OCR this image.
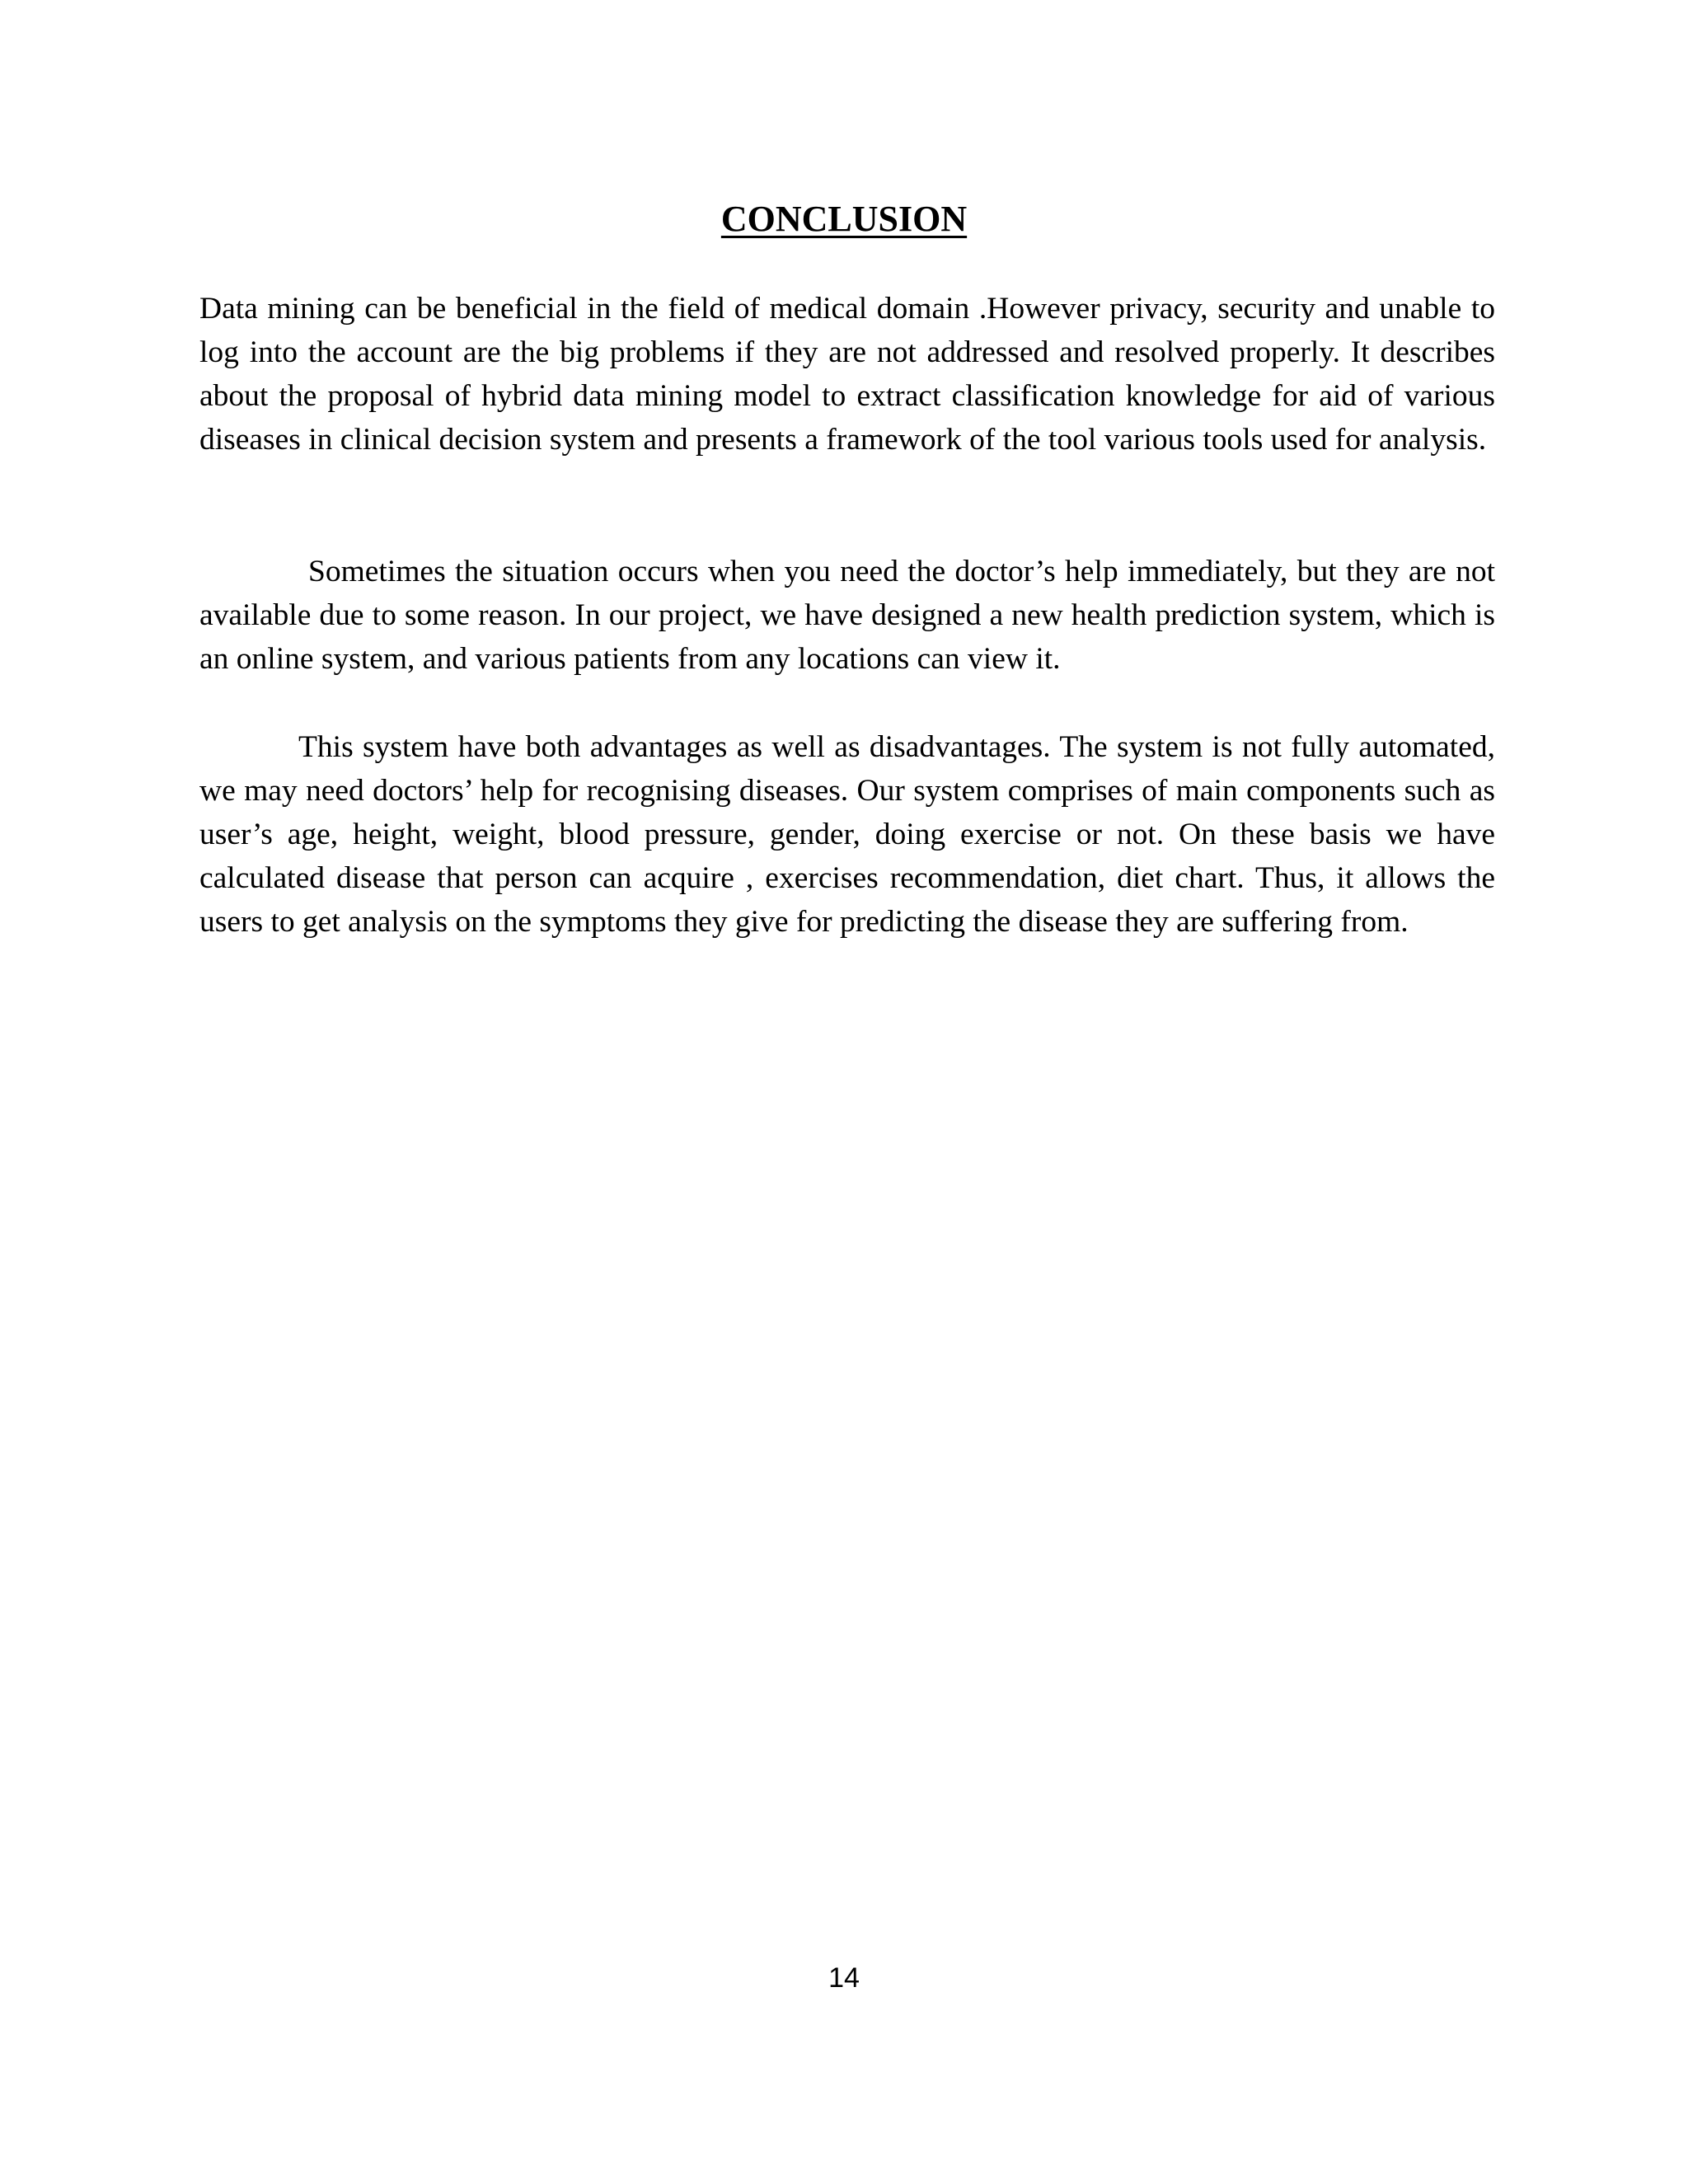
CONCLUSION

Data mining can be beneficial in the field of medical domain .However privacy, security and unable to log into the account are the big problems if they are not addressed and resolved properly. It describes about the proposal of hybrid data mining model to extract classification knowledge for aid of various diseases in clinical decision system and presents a framework of the tool various tools used for analysis.

Sometimes the situation occurs when you need the doctor’s help immediately, but they are not available due to some reason. In our project, we have designed a new health prediction system, which is an online system, and various patients from any locations can view it.

This system have both advantages as well as disadvantages. The system is not fully automated, we may need doctors’ help for recognising diseases. Our system comprises of main components such as user’s age, height, weight, blood pressure, gender, doing exercise or not. On these basis we have calculated disease that person can acquire , exercises recommendation, diet chart. Thus, it allows the users to get analysis on the symptoms they give for predicting the disease they are suffering from.

14
